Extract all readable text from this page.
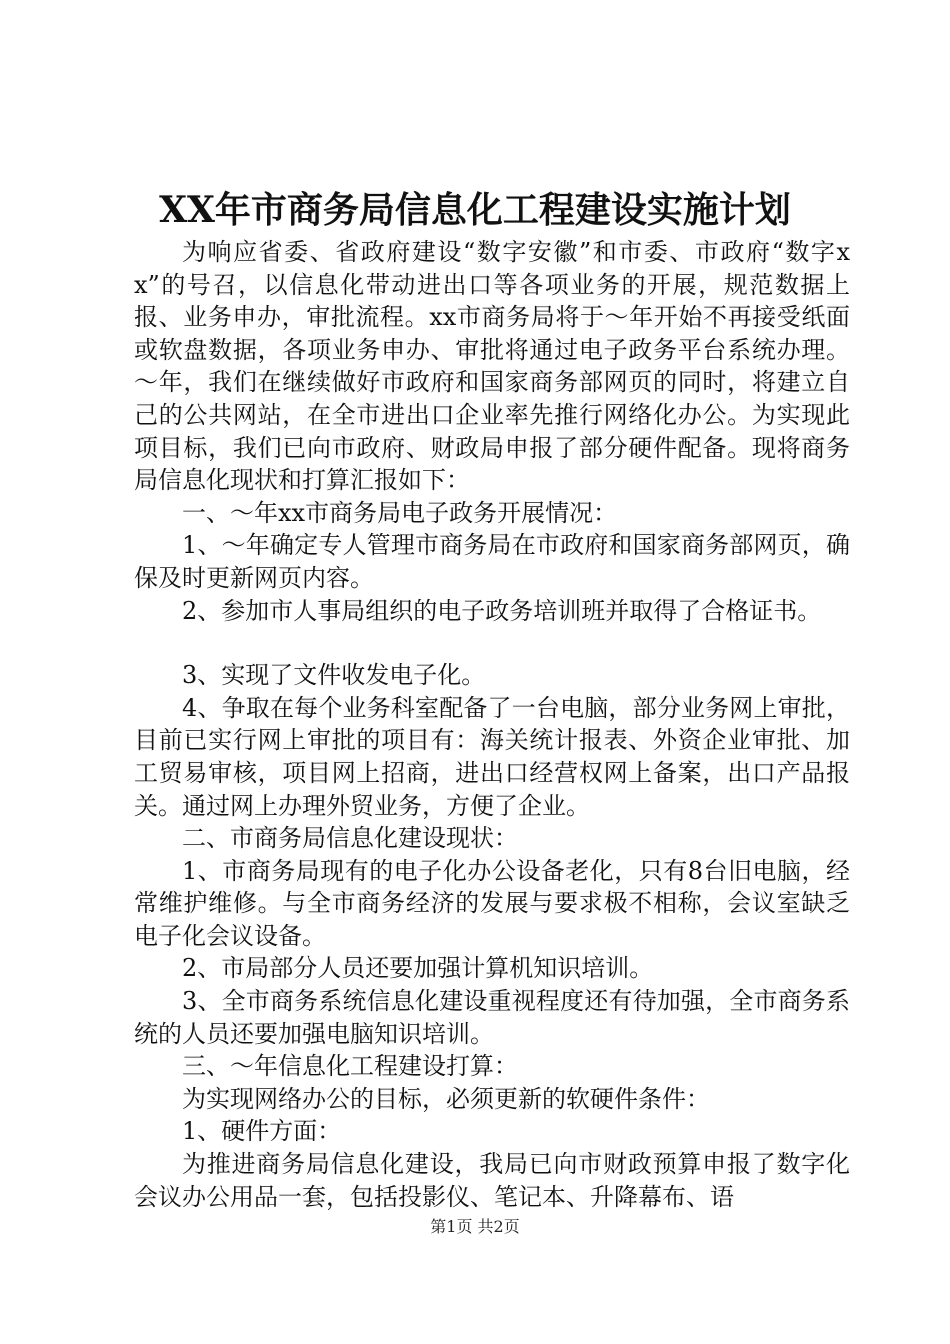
XX年市商务局信息化工程建设实施计划

为响应省委、省政府建设“数字安徽”和市委、市政府“数字xx”的号召，以信息化带动进出口等各项业务的开展，规范数据上报、业务申办，审批流程。xx市商务局将于～年开始不再接受纸面或软盘数据，各项业务申办、审批将通过电子政务平台系统办理。～年，我们在继续做好市政府和国家商务部网页的同时，将建立自己的公共网站，在全市进出口企业率先推行网络化办公。为实现此项目标，我们已向市政府、财政局申报了部分硬件配备。现将商务局信息化现状和打算汇报如下：

一、～年xx市商务局电子政务开展情况：

1、～年确定专人管理市商务局在市政府和国家商务部网页，确保及时更新网页内容。

2、参加市人事局组织的电子政务培训班并取得了合格证书。

3、实现了文件收发电子化。

4、争取在每个业务科室配备了一台电脑，部分业务网上审批，目前已实行网上审批的项目有：海关统计报表、外资企业审批、加工贸易审核，项目网上招商，进出口经营权网上备案，出口产品报关。通过网上办理外贸业务，方便了企业。

二、市商务局信息化建设现状：

1、市商务局现有的电子化办公设备老化，只有8台旧电脑，经常维护维修。与全市商务经济的发展与要求极不相称，会议室缺乏电子化会议设备。

2、市局部分人员还要加强计算机知识培训。

3、全市商务系统信息化建设重视程度还有待加强，全市商务系统的人员还要加强电脑知识培训。

三、～年信息化工程建设打算：

为实现网络办公的目标，必须更新的软硬件条件：

1、硬件方面：

为推进商务局信息化建设，我局已向市财政预算申报了数字化会议办公用品一套，包括投影仪、笔记本、升降幕布、语

第1页 共2页
